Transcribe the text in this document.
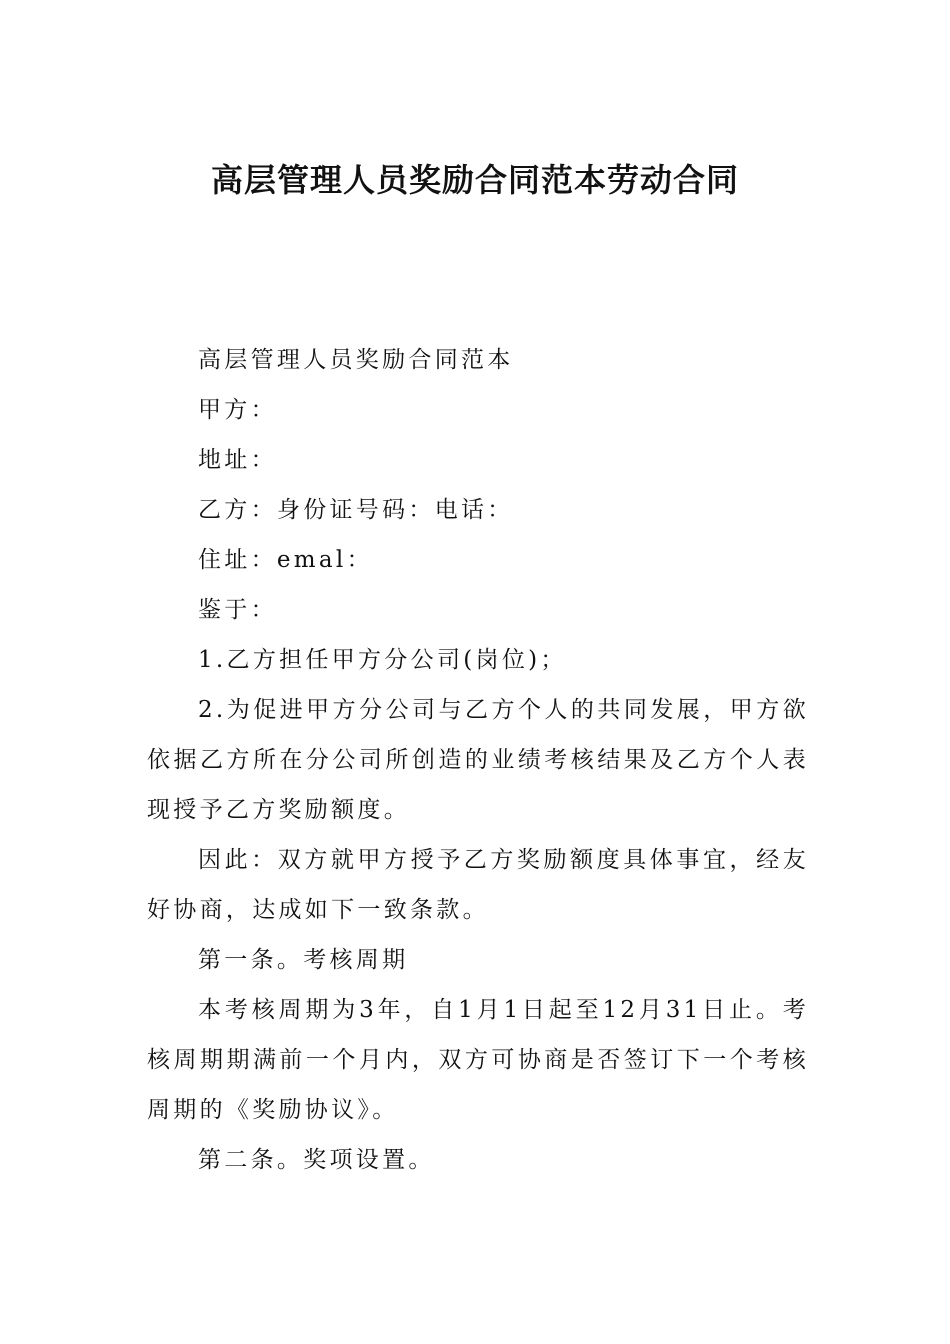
高层管理人员奖励合同范本劳动合同

高层管理人员奖励合同范本

甲方：

地址：

乙方：身份证号码：电话：

住址：emal：

鉴于：

1.乙方担任甲方分公司(岗位)；

2.为促进甲方分公司与乙方个人的共同发展，甲方欲依据乙方所在分公司所创造的业绩考核结果及乙方个人表现授予乙方奖励额度。

因此：双方就甲方授予乙方奖励额度具体事宜，经友好协商，达成如下一致条款。

第一条。考核周期

本考核周期为3年，自1月1日起至12月31日止。考核周期期满前一个月内，双方可协商是否签订下一个考核周期的《奖励协议》。

第二条。奖项设置。
